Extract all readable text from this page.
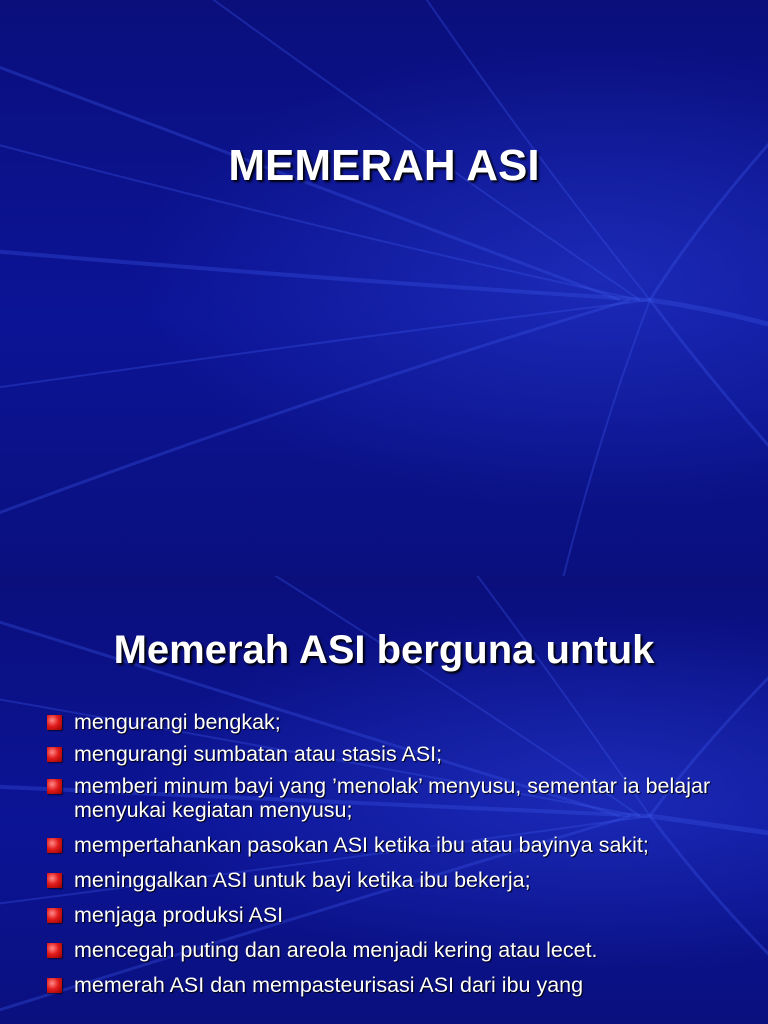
MEMERAH ASI
Memerah ASI berguna untuk
mengurangi bengkak;
mengurangi sumbatan atau stasis ASI;
memberi minum bayi yang ’menolak’ menyusu, sementar ia belajar menyukai kegiatan menyusu;
mempertahankan pasokan ASI ketika ibu atau bayinya sakit;
meninggalkan ASI untuk bayi ketika ibu bekerja;
menjaga produksi ASI
mencegah puting dan areola menjadi kering atau lecet.
memerah ASI dan mempasteurisasi ASI dari ibu yang
